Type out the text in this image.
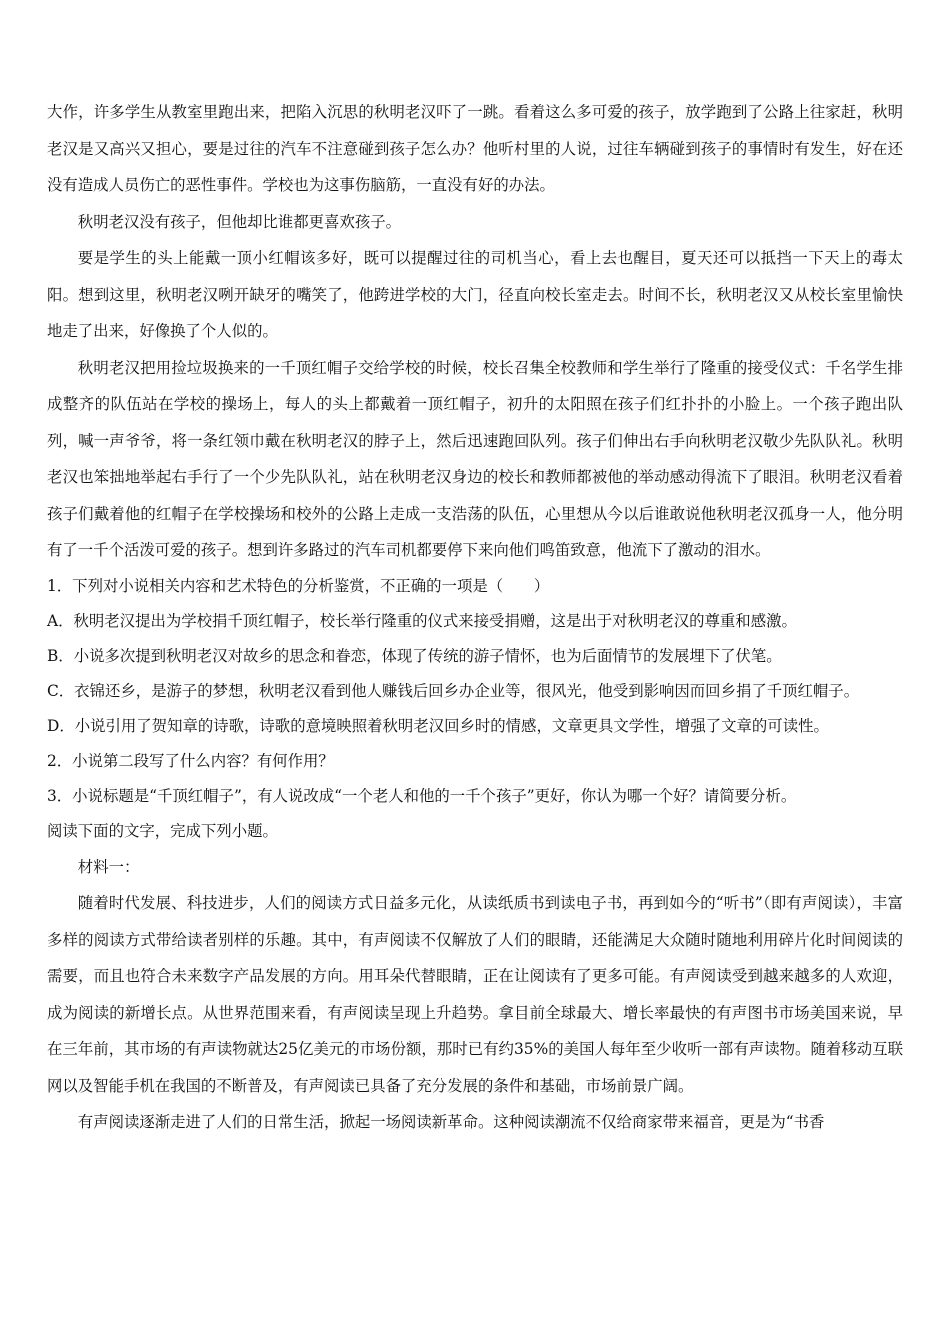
大作，许多学生从教室里跑出来，把陷入沉思的秋明老汉吓了一跳。看着这么多可爱的孩子，放学跑到了公路上往家赶，秋明老汉是又高兴又担心，要是过往的汽车不注意碰到孩子怎么办？他听村里的人说，过往车辆碰到孩子的事情时有发生，好在还没有造成人员伤亡的恶性事件。学校也为这事伤脑筋，一直没有好的办法。

秋明老汉没有孩子，但他却比谁都更喜欢孩子。

要是学生的头上能戴一顶小红帽该多好，既可以提醒过往的司机当心，看上去也醒目，夏天还可以抵挡一下天上的毒太阳。想到这里，秋明老汉咧开缺牙的嘴笑了，他跨进学校的大门，径直向校长室走去。时间不长，秋明老汉又从校长室里愉快地走了出来，好像换了个人似的。

秋明老汉把用捡垃圾换来的一千顶红帽子交给学校的时候，校长召集全校教师和学生举行了隆重的接受仪式：千名学生排成整齐的队伍站在学校的操场上，每人的头上都戴着一顶红帽子，初升的太阳照在孩子们红扑扑的小脸上。一个孩子跑出队列，喊一声爷爷，将一条红领巾戴在秋明老汉的脖子上，然后迅速跑回队列。孩子们伸出右手向秋明老汉敬少先队队礼。秋明老汉也笨拙地举起右手行了一个少先队队礼，站在秋明老汉身边的校长和教师都被他的举动感动得流下了眼泪。秋明老汉看着孩子们戴着他的红帽子在学校操场和校外的公路上走成一支浩荡的队伍，心里想从今以后谁敢说他秋明老汉孤身一人，他分明有了一千个活泼可爱的孩子。想到许多路过的汽车司机都要停下来向他们鸣笛致意，他流下了激动的泪水。

1．下列对小说相关内容和艺术特色的分析鉴赏，不正确的一项是（　　）

A．秋明老汉提出为学校捐千顶红帽子，校长举行隆重的仪式来接受捐赠，这是出于对秋明老汉的尊重和感激。

B．小说多次提到秋明老汉对故乡的思念和眷恋，体现了传统的游子情怀，也为后面情节的发展埋下了伏笔。

C．衣锦还乡，是游子的梦想，秋明老汉看到他人赚钱后回乡办企业等，很风光，他受到影响因而回乡捐了千顶红帽子。

D．小说引用了贺知章的诗歌，诗歌的意境映照着秋明老汉回乡时的情感，文章更具文学性，增强了文章的可读性。

2．小说第二段写了什么内容？有何作用？

3．小说标题是“千顶红帽子”，有人说改成“一个老人和他的一千个孩子”更好，你认为哪一个好？请简要分析。

阅读下面的文字，完成下列小题。

材料一：

随着时代发展、科技进步，人们的阅读方式日益多元化，从读纸质书到读电子书，再到如今的“听书”（即有声阅读），丰富多样的阅读方式带给读者别样的乐趣。其中，有声阅读不仅解放了人们的眼睛，还能满足大众随时随地利用碎片化时间阅读的需要，而且也符合未来数字产品发展的方向。用耳朵代替眼睛，正在让阅读有了更多可能。有声阅读受到越来越多的人欢迎，成为阅读的新增长点。从世界范围来看，有声阅读呈现上升趋势。拿目前全球最大、增长率最快的有声图书市场美国来说，早在三年前，其市场的有声读物就达25亿美元的市场份额，那时已有约35%的美国人每年至少收听一部有声读物。随着移动互联网以及智能手机在我国的不断普及，有声阅读已具备了充分发展的条件和基础，市场前景广阔。

有声阅读逐渐走进了人们的日常生活，掀起一场阅读新革命。这种阅读潮流不仅给商家带来福音，更是为“书香
